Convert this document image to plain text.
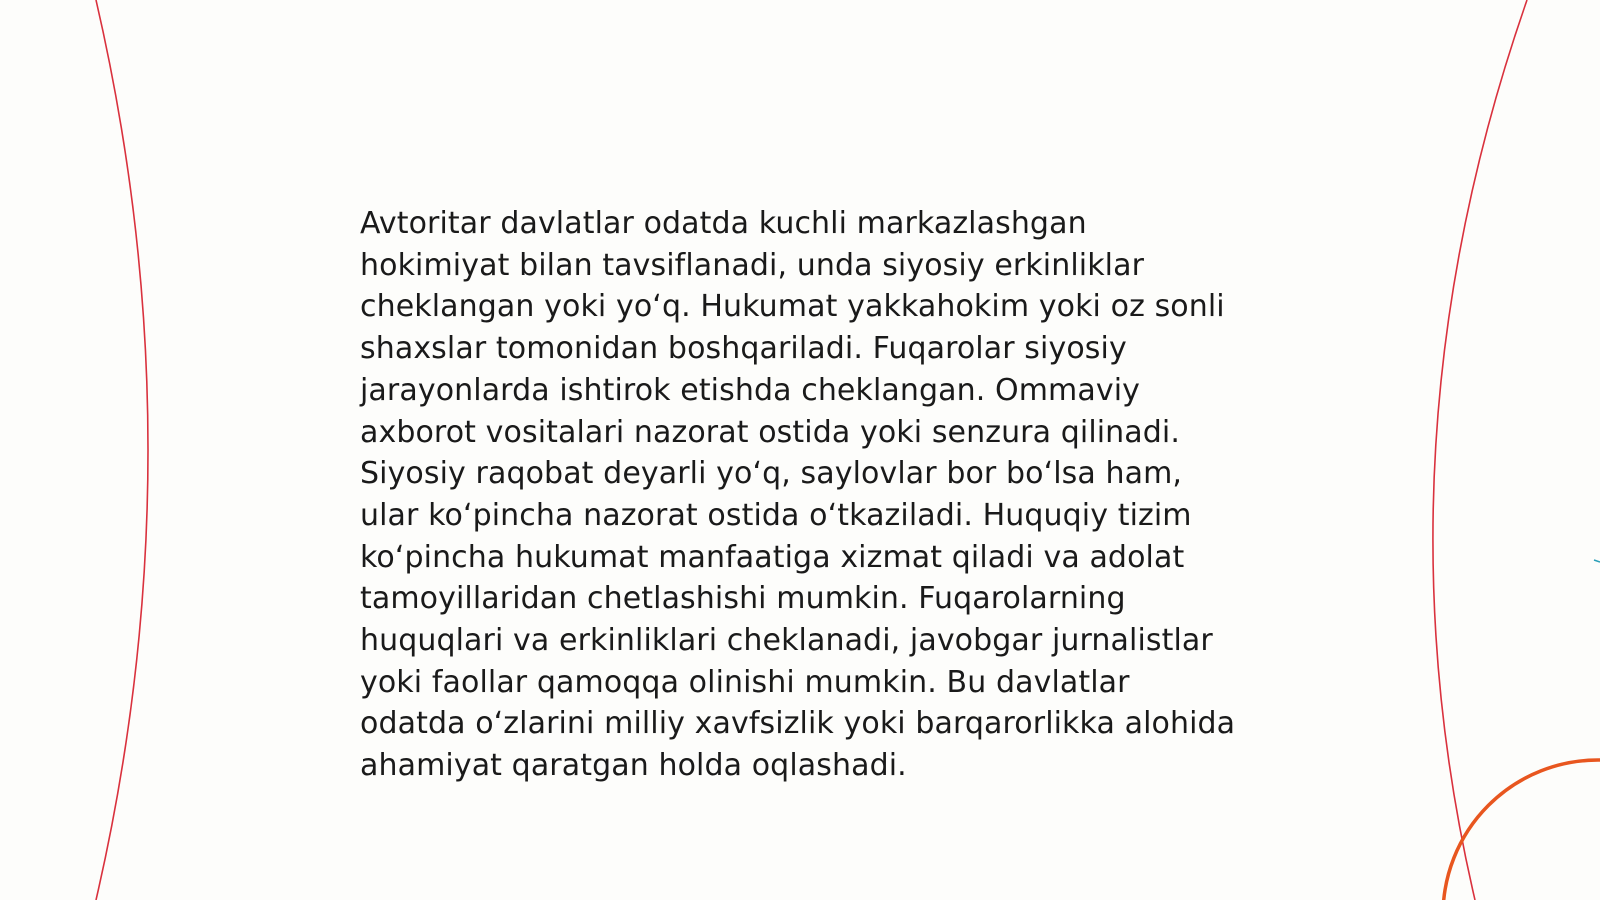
Avtoritar davlatlar odatda kuchli markazlashgan hokimiyat bilan tavsiflanadi, unda siyosiy erkinliklar cheklangan yoki yo‘q. Hukumat yakkahokim yoki oz sonli shaxslar tomonidan boshqariladi. Fuqarolar siyosiy jarayonlarda ishtirok etishda cheklangan. Ommaviy axborot vositalari nazorat ostida yoki senzura qilinadi. Siyosiy raqobat deyarli yo‘q, saylovlar bor bo‘lsa ham, ular ko‘pincha nazorat ostida o‘tkaziladi. Huquqiy tizim ko‘pincha hukumat manfaatiga xizmat qiladi va adolat tamoyillaridan chetlashishi mumkin. Fuqarolarning huquqlari va erkinliklari cheklanadi, javobgar jurnalistlar yoki faollar qamoqqa olinishi mumkin. Bu davlatlar odatda o‘zlarini milliy xavfsizlik yoki barqarorlikka alohida ahamiyat qaratgan holda oqlashadi.
